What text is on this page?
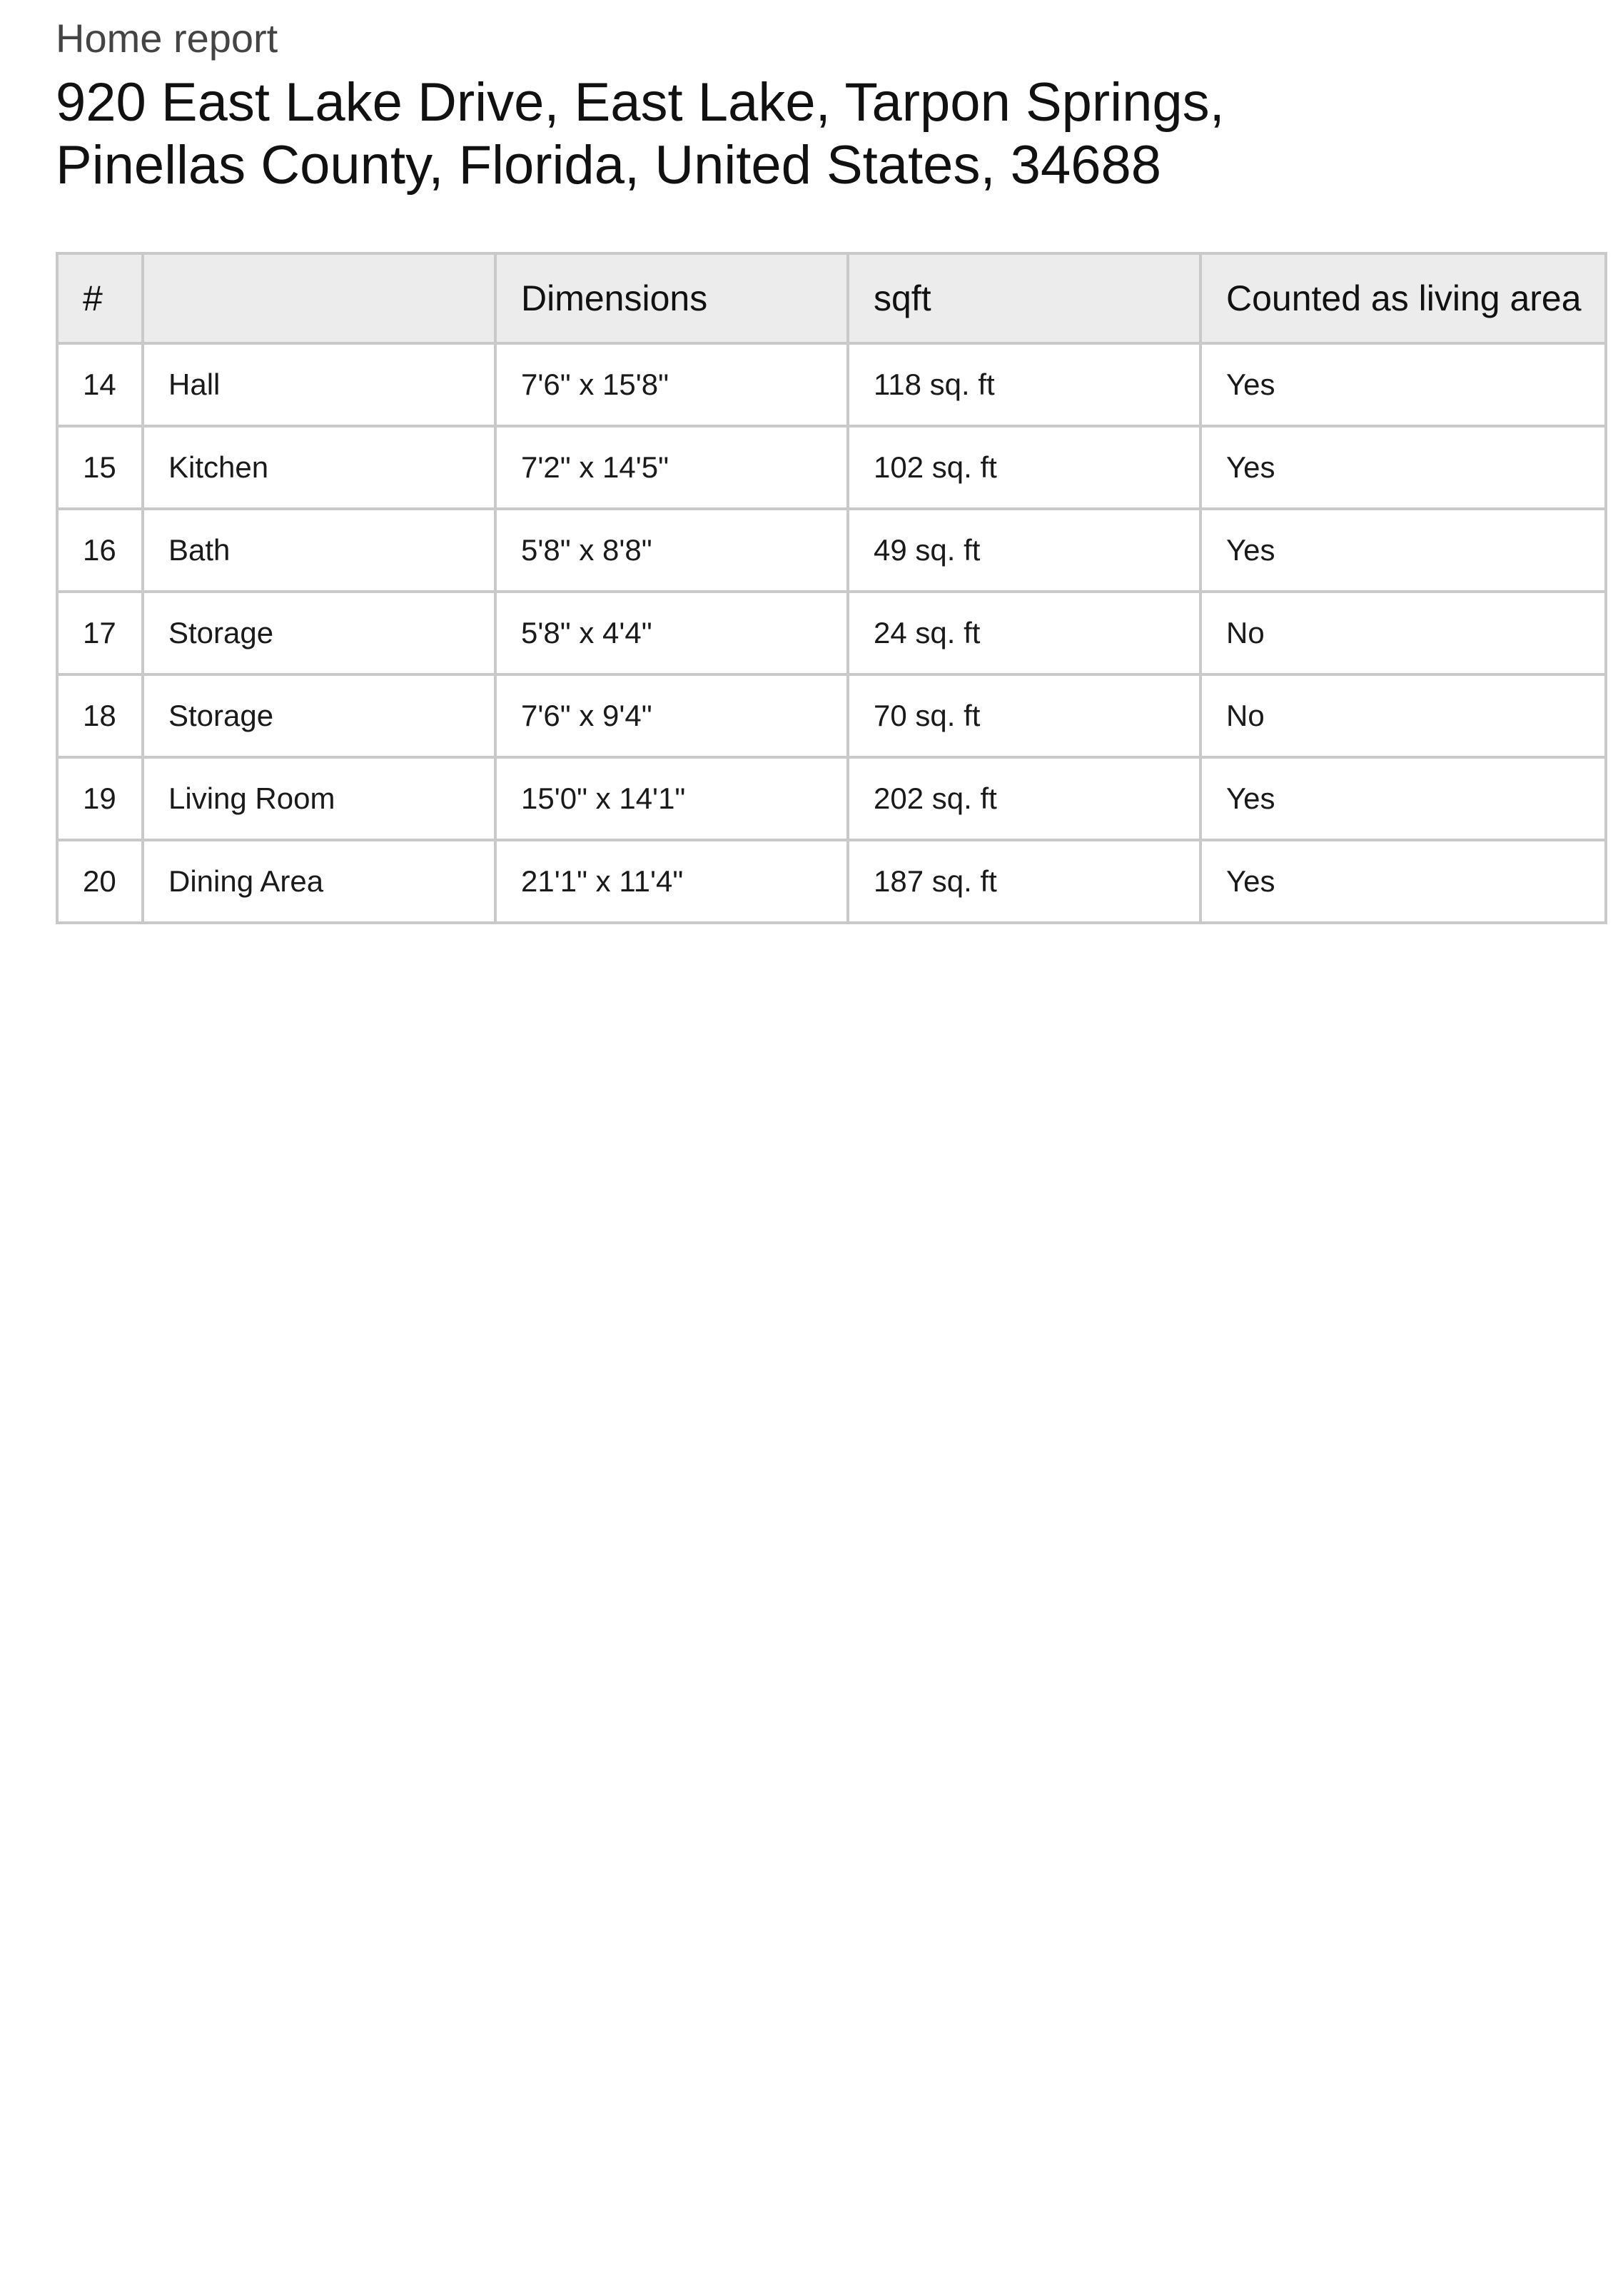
Home report
920 East Lake Drive, East Lake, Tarpon Springs,
Pinellas County, Florida, United States, 34688
#		Dimensions	sqft	Counted as living area
14	Hall	7'6" x 15'8"	118 sq. ft	Yes
15	Kitchen	7'2" x 14'5"	102 sq. ft	Yes
16	Bath	5'8" x 8'8"	49 sq. ft	Yes
17	Storage	5'8" x 4'4"	24 sq. ft	No
18	Storage	7'6" x 9'4"	70 sq. ft	No
19	Living Room	15'0" x 14'1"	202 sq. ft	Yes
20	Dining Area	21'1" x 11'4"	187 sq. ft	Yes
